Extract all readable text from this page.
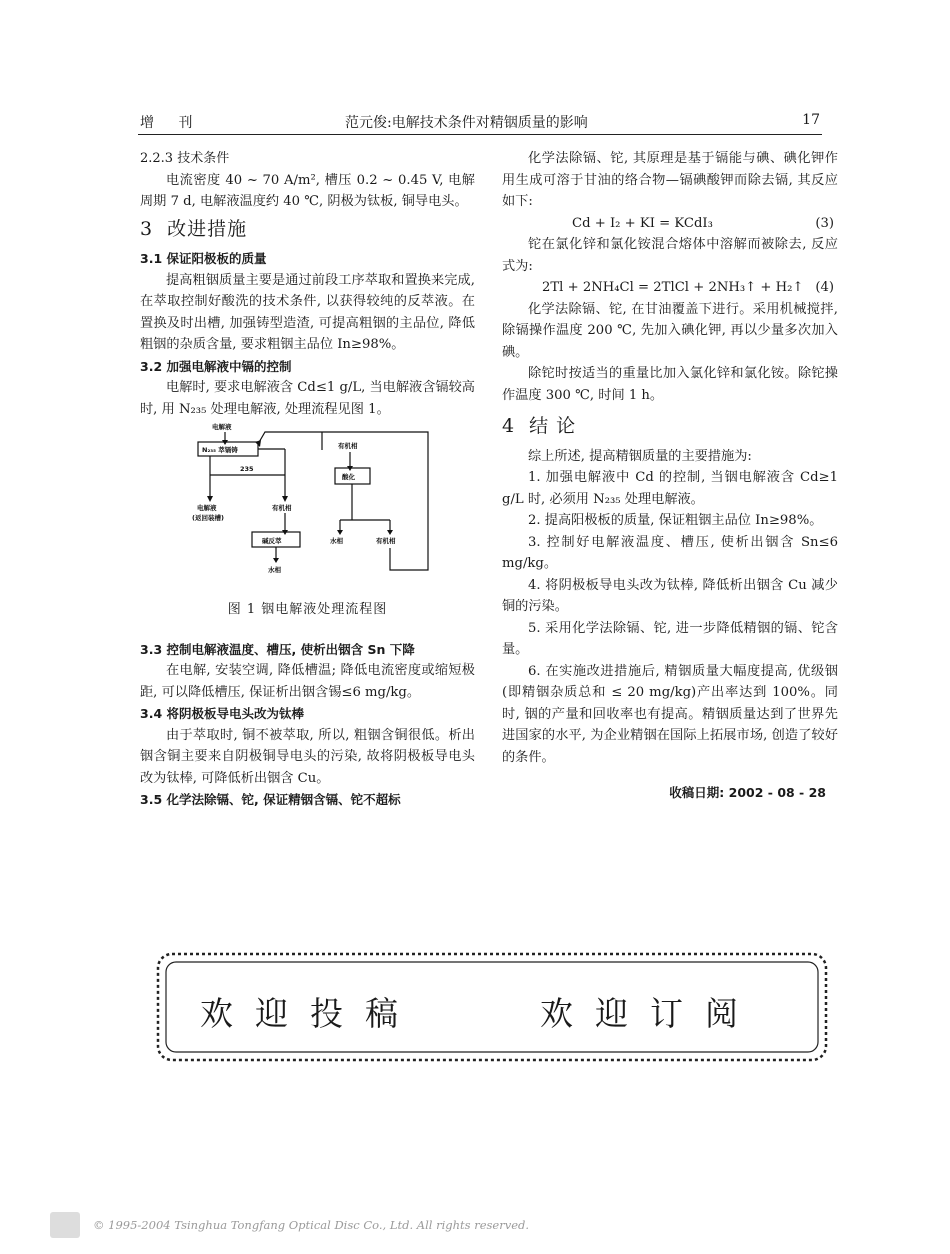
增 刊	范元俊:电解技术条件对精铟质量的影响	17

2.2.3 技术条件

电流密度 40 ~ 70 A/m², 槽压 0.2 ~ 0.45 V, 电解周期 7 d, 电解液温度约 40 ℃, 阴极为钛板, 铜导电头。

3 改进措施

3.1 保证阳极板的质量

提高粗铟质量主要是通过前段工序萃取和置换来完成, 在萃取控制好酸洗的技术条件, 以获得较纯的反萃液。在置换及时出槽, 加强铸型造渣, 可提高粗铟的主品位, 降低粗铟的杂质含量, 要求粗铟主品位 In≥98%。

3.2 加强电解液中镉的控制

电解时, 要求电解液含 Cd≤1 g/L, 当电解液含镉较高时, 用 N₂₃₅ 处理电解液, 处理流程见图 1。

电解液
N₂₃₅ 萃镉铸
235
有机相
酸化
电解液
(返回装槽)
有机相
碱反萃	水相	有机相
水相

图 1 铟电解液处理流程图

3.3 控制电解液温度、槽压, 使析出铟含 Sn 下降

在电解, 安装空调, 降低槽温; 降低电流密度或缩短极距, 可以降低槽压, 保证析出铟含锡≤6 mg/kg。

3.4 将阴极板导电头改为钛棒

由于萃取时, 铜不被萃取, 所以, 粗铟含铜很低。析出铟含铜主要来自阴极铜导电头的污染, 故将阴极板导电头改为钛棒, 可降低析出铟含 Cu。

3.5 化学法除镉、铊, 保证精铟含镉、铊不超标

化学法除镉、铊, 其原理是基于镉能与碘、碘化钾作用生成可溶于甘油的络合物—镉碘酸钾而除去镉, 其反应如下:

Cd + I₂ + KI = KCdI₃	(3)

铊在氯化锌和氯化铵混合熔体中溶解而被除去, 反应式为:

2Tl + 2NH₄Cl = 2TlCl + 2NH₃↑ + H₂↑ (4)

化学法除镉、铊, 在甘油覆盖下进行。采用机械搅拌, 除镉操作温度 200 ℃, 先加入碘化钾, 再以少量多次加入碘。

除铊时按适当的重量比加入氯化锌和氯化铵。除铊操作温度 300 ℃, 时间 1 h。

4 结 论

综上所述, 提高精铟质量的主要措施为:

1. 加强电解液中 Cd 的控制, 当铟电解液含 Cd≥1 g/L 时, 必须用 N₂₃₅ 处理电解液。

2. 提高阳极板的质量, 保证粗铟主品位 In≥98%。

3. 控制好电解液温度、槽压, 使析出铟含 Sn≤6 mg/kg。

4. 将阴极板导电头改为钛棒, 降低析出铟含 Cu 减少铜的污染。

5. 采用化学法除镉、铊, 进一步降低精铟的镉、铊含量。

6. 在实施改进措施后, 精铟质量大幅度提高, 优级铟(即精铟杂质总和 ≤ 20 mg/kg)产出率达到 100%。同时, 铟的产量和回收率也有提高。精铟质量达到了世界先进国家的水平, 为企业精铟在国际上拓展市场, 创造了较好的条件。

收稿日期: 2002 - 08 - 28

欢迎投稿	欢迎订阅
© 1995-2004 Tsinghua Tongfang Optical Disc Co., Ltd. All rights reserved.
